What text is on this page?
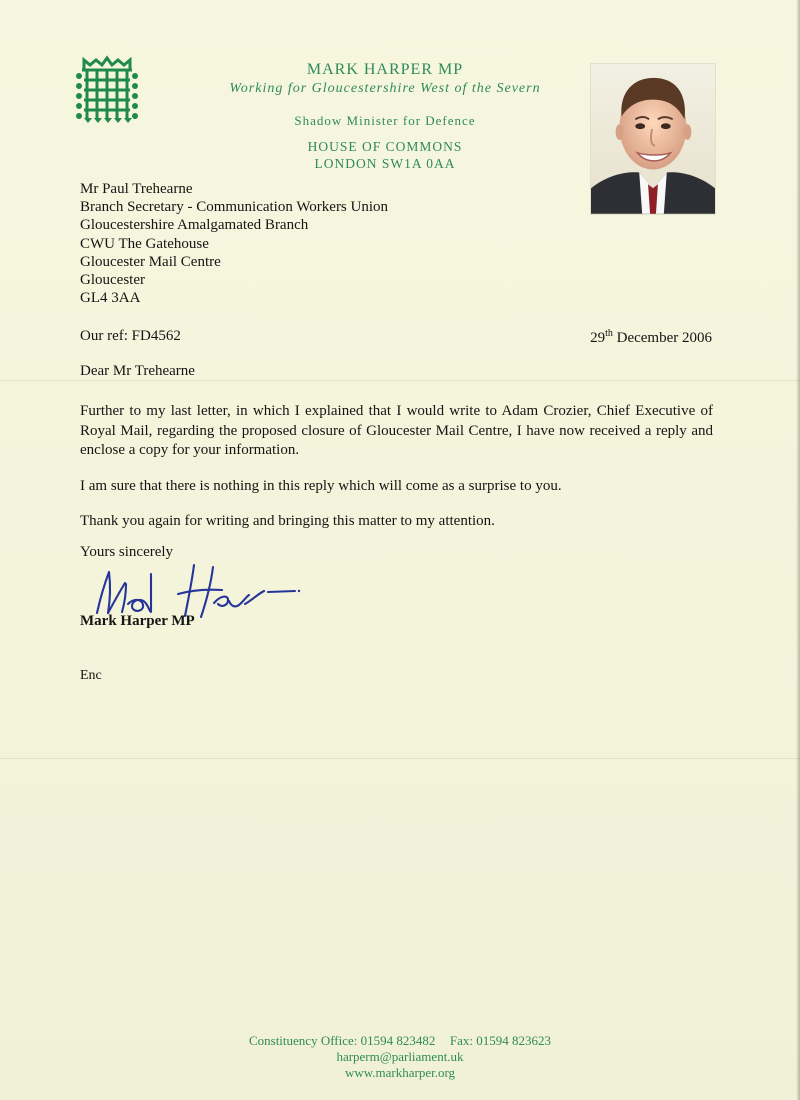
MARK HARPER MP
Working for Gloucestershire West of the Severn
Shadow Minister for Defence
HOUSE OF COMMONS
LONDON SW1A 0AA
Mr Paul Trehearne
Branch Secretary - Communication Workers Union
Gloucestershire Amalgamated Branch
CWU The Gatehouse
Gloucester Mail Centre
Gloucester
GL4 3AA
Our ref: FD4562	29th December 2006
Dear Mr Trehearne

Further to my last letter, in which I explained that I would write to Adam Crozier, Chief Executive of Royal Mail, regarding the proposed closure of Gloucester Mail Centre, I have now received a reply and enclose a copy for your information.

I am sure that there is nothing in this reply which will come as a surprise to you.

Thank you again for writing and bringing this matter to my attention.

Yours sincerely
Mark Harper MP
Enc
Constituency Office: 01594 823482 Fax: 01594 823623
harperm@parliament.uk
www.markharper.org
